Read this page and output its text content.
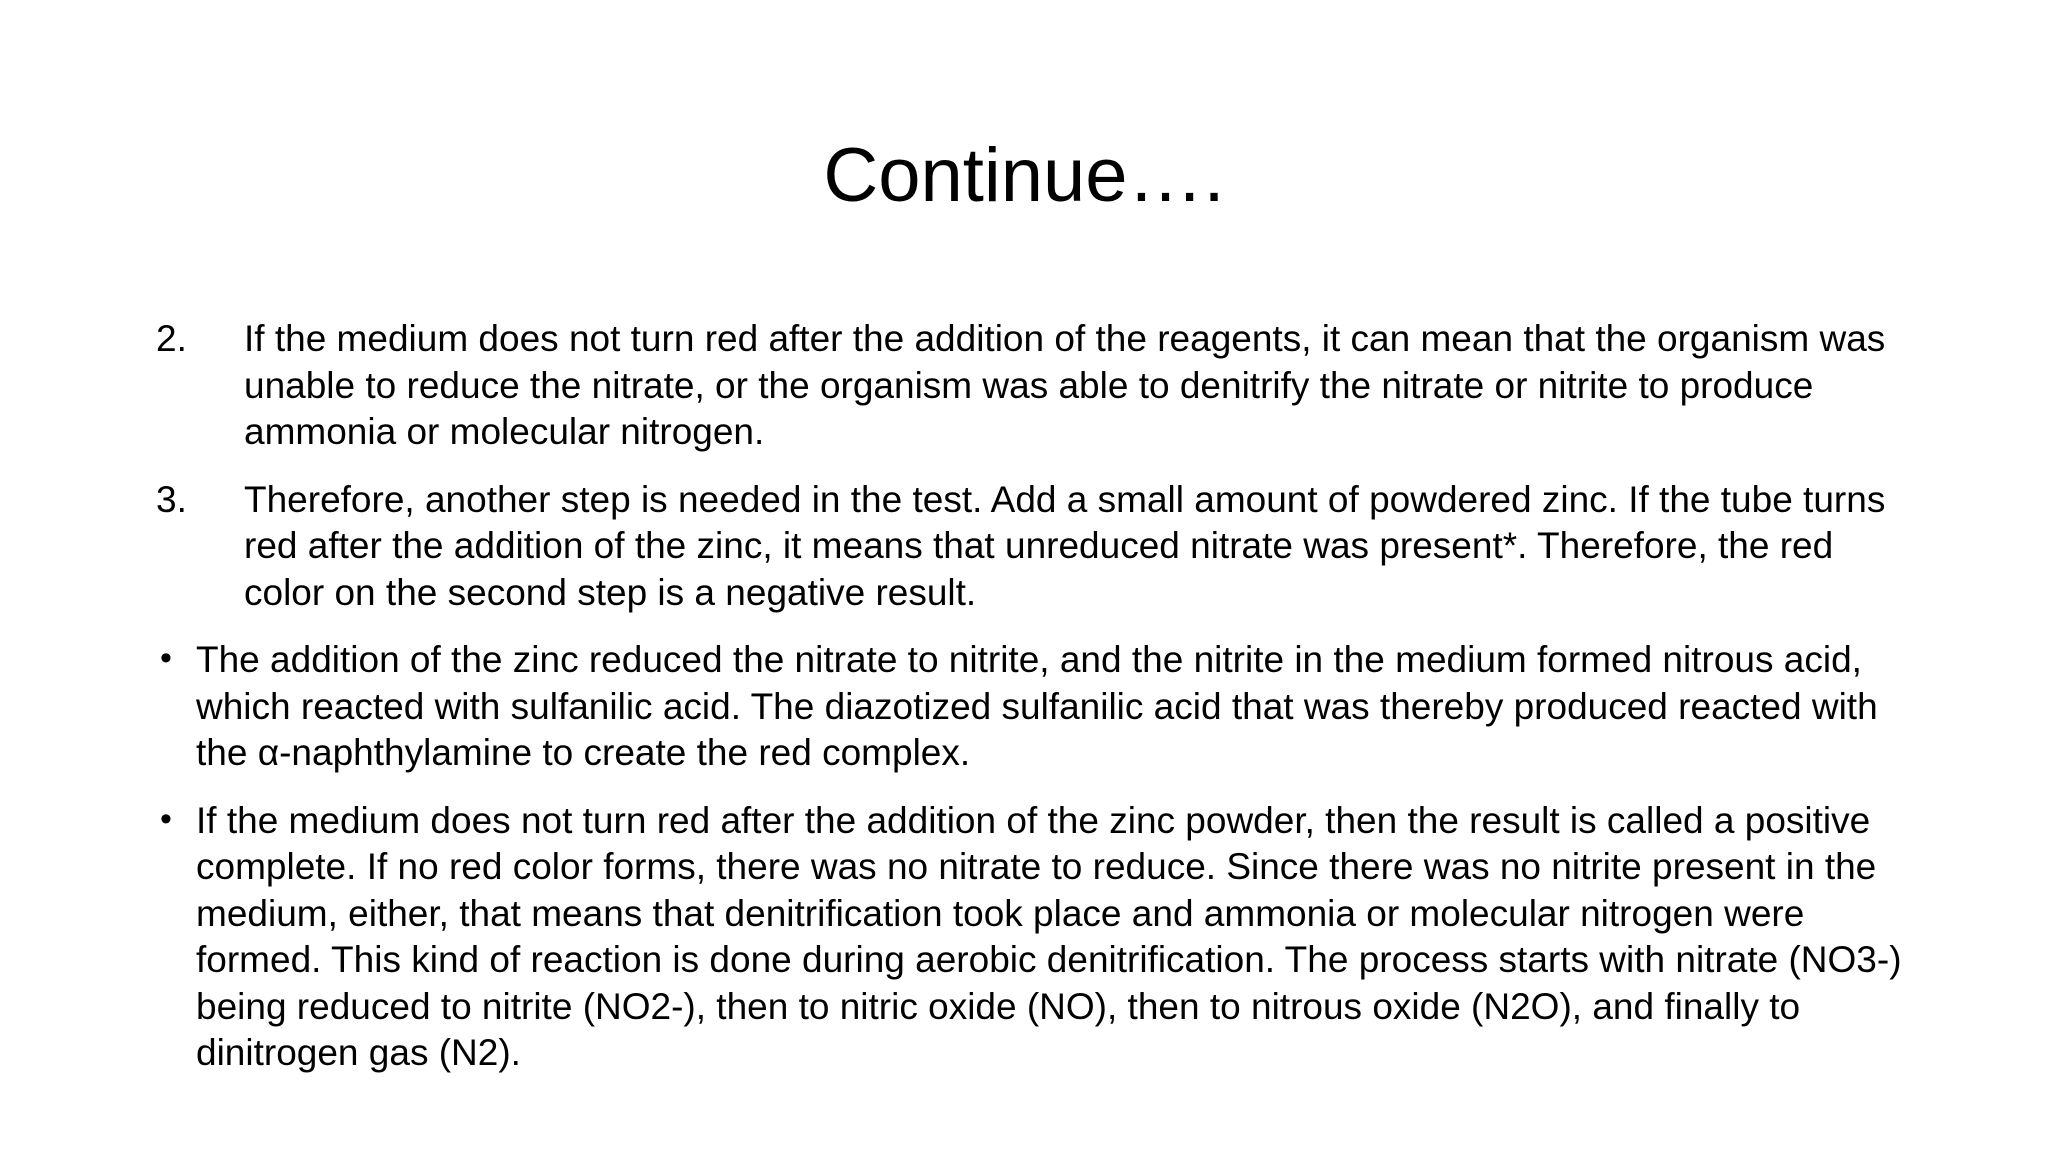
Continue….
2. If the medium does not turn red after the addition of the reagents, it can mean that the organism was unable to reduce the nitrate, or the organism was able to denitrify the nitrate or nitrite to produce ammonia or molecular nitrogen.
3. Therefore, another step is needed in the test. Add a small amount of powdered zinc. If the tube turns red after the addition of the zinc, it means that unreduced nitrate was present*. Therefore, the red color on the second step is a negative result.
• The addition of the zinc reduced the nitrate to nitrite, and the nitrite in the medium formed nitrous acid, which reacted with sulfanilic acid. The diazotized sulfanilic acid that was thereby produced reacted with the α-naphthylamine to create the red complex.
• If the medium does not turn red after the addition of the zinc powder, then the result is called a positive complete. If no red color forms, there was no nitrate to reduce. Since there was no nitrite present in the medium, either, that means that denitrification took place and ammonia or molecular nitrogen were formed. This kind of reaction is done during aerobic denitrification. The process starts with nitrate (NO3-) being reduced to nitrite (NO2-), then to nitric oxide (NO), then to nitrous oxide (N2O), and finally to dinitrogen gas (N2).
